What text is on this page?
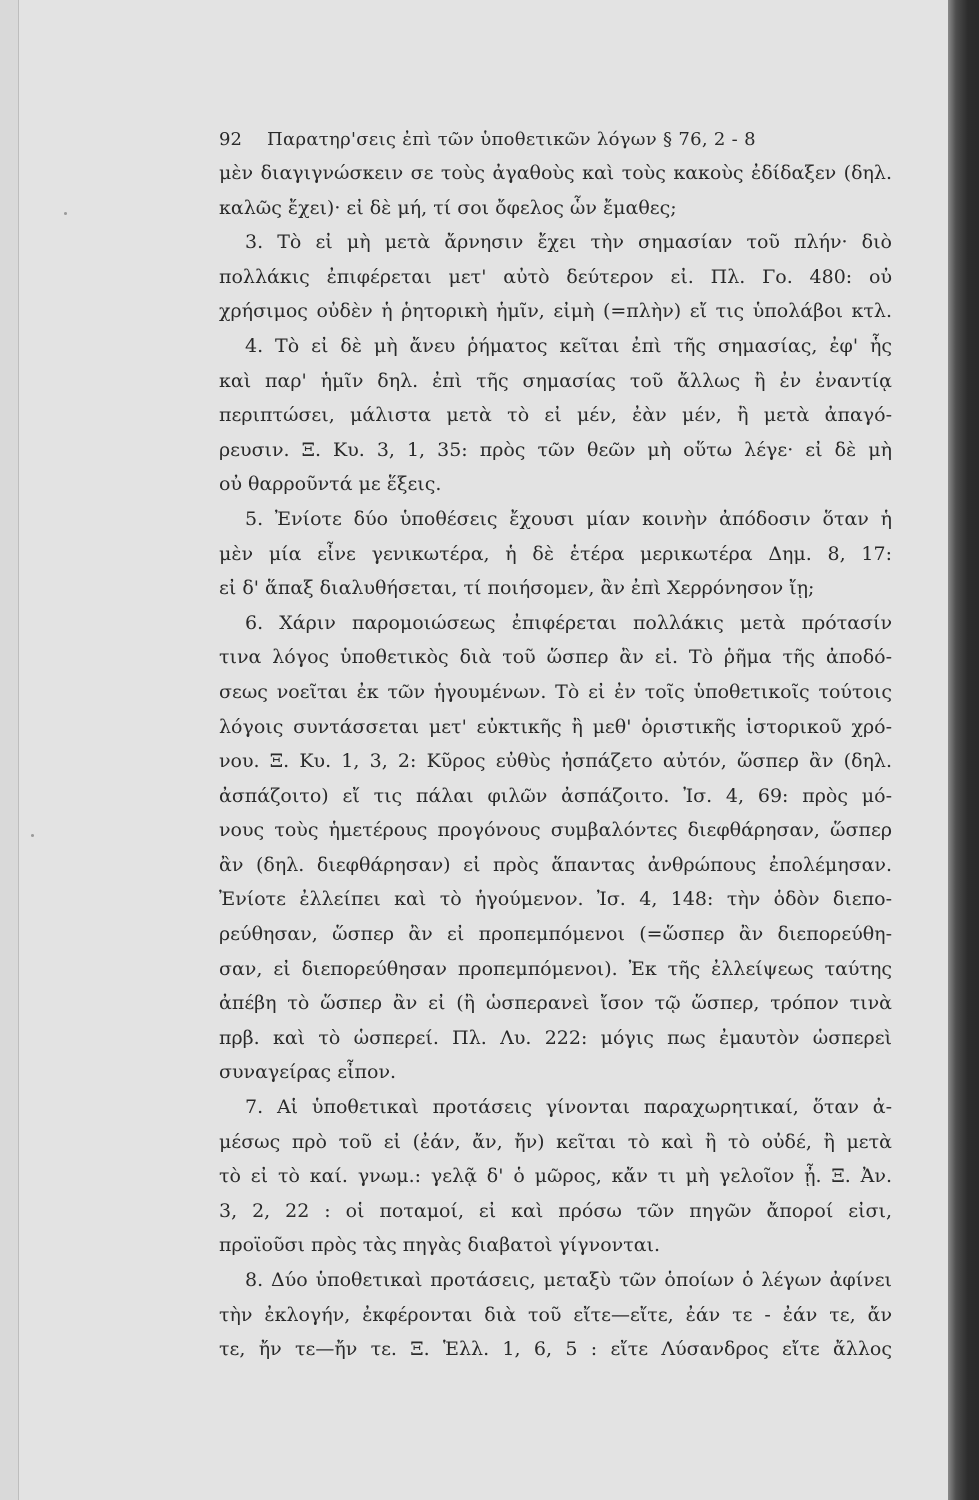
92	Παρατηρ'σεις ἐπὶ τῶν ὑποθετικῶν λόγων § 76, 2 - 8
μὲν διαγιγνώσκειν σε τοὺς ἀγαθοὺς καὶ τοὺς κακοὺς ἐδίδαξεν (δηλ.
καλῶς ἔχει)· εἰ δὲ μή, τί σοι ὄφελος ὧν ἔμαθες;
3. Τὸ εἰ μὴ μετὰ ἄρνησιν ἔχει τὴν σημασίαν τοῦ πλήν· διὸ
πολλάκις ἐπιφέρεται μετ' αὐτὸ δεύτερον εἰ. Πλ. Γο. 480: οὐ
χρήσιμος οὐδὲν ἡ ῥητορικὴ ἡμῖν, εἰμὴ (=πλὴν) εἴ τις ὑπολάβοι κτλ.
4. Τὸ εἰ δὲ μὴ ἄνευ ῥήματος κεῖται ἐπὶ τῆς σημασίας, ἐφ' ἧς
καὶ παρ' ἡμῖν δηλ. ἐπὶ τῆς σημασίας τοῦ ἄλλως ἢ ἐν ἐναντίᾳ
περιπτώσει, μάλιστα μετὰ τὸ εἰ μέν, ἐὰν μέν, ἢ μετὰ ἀπαγό-
ρευσιν. Ξ. Κυ. 3, 1, 35: πρὸς τῶν θεῶν μὴ οὕτω λέγε· εἰ δὲ μὴ
οὐ θαρροῦντά με ἕξεις.
5. Ἐνίοτε δύο ὑποθέσεις ἔχουσι μίαν κοινὴν ἀπόδοσιν ὅταν ἡ
μὲν μία εἶνε γενικωτέρα, ἡ δὲ ἑτέρα μερικωτέρα Δημ. 8, 17:
εἰ δ' ἅπαξ διαλυθήσεται, τί ποιήσομεν, ἂν ἐπὶ Χερρόνησον ἴῃ;
6. Χάριν παρομοιώσεως ἐπιφέρεται πολλάκις μετὰ πρότασίν
τινα λόγος ὑποθετικὸς διὰ τοῦ ὥσπερ ἂν εἰ. Τὸ ῥῆμα τῆς ἀποδό-
σεως νοεῖται ἐκ τῶν ἡγουμένων. Τὸ εἰ ἐν τοῖς ὑποθετικοῖς τούτοις
λόγοις συντάσσεται μετ' εὐκτικῆς ἢ μεθ' ὁριστικῆς ἱστορικοῦ χρό-
νου. Ξ. Κυ. 1, 3, 2: Κῦρος εὐθὺς ἠσπάζετο αὐτόν, ὥσπερ ἂν (δηλ.
ἀσπάζοιτο) εἴ τις πάλαι φιλῶν ἀσπάζοιτο. Ἰσ. 4, 69: πρὸς μό-
νους τοὺς ἡμετέρους προγόνους συμβαλόντες διεφθάρησαν, ὥσπερ
ἂν (δηλ. διεφθάρησαν) εἰ πρὸς ἅπαντας ἀνθρώπους ἐπολέμησαν.
Ἐνίοτε ἐλλείπει καὶ τὸ ἡγούμενον. Ἰσ. 4, 148: τὴν ὁδὸν διεπο-
ρεύθησαν, ὥσπερ ἂν εἰ προπεμπόμενοι (=ὥσπερ ἂν διεπορεύθη-
σαν, εἰ διεπορεύθησαν προπεμπόμενοι). Ἐκ τῆς ἐλλείψεως ταύτης
ἀπέβη τὸ ὥσπερ ἂν εἰ (ἢ ὡσπερανεὶ ἴσον τῷ ὥσπερ, τρόπον τινὰ
πρβ. καὶ τὸ ὡσπερεί. Πλ. Λυ. 222: μόγις πως ἐμαυτὸν ὡσπερεὶ
συναγείρας εἶπον.
7. Αἱ ὑποθετικαὶ προτάσεις γίνονται παραχωρητικαί, ὅταν ἀ-
μέσως πρὸ τοῦ εἰ (ἐάν, ἄν, ἤν) κεῖται τὸ καὶ ἢ τὸ οὐδέ, ἢ μετὰ
τὸ εἰ τὸ καί. γνωμ.: γελᾷ δ' ὁ μῶρος, κἄν τι μὴ γελοῖον ᾖ. Ξ. Ἀν.
3, 2, 22 : οἱ ποταμοί, εἰ καὶ πρόσω τῶν πηγῶν ἄποροί εἰσι,
προϊοῦσι πρὸς τὰς πηγὰς διαβατοὶ γίγνονται.
8. Δύο ὑποθετικαὶ προτάσεις, μεταξὺ τῶν ὁποίων ὁ λέγων ἀφίνει
τὴν ἐκλογήν, ἐκφέρονται διὰ τοῦ εἴτε—εἴτε, ἐάν τε - ἐάν τε, ἄν
τε, ἤν τε—ἤν τε. Ξ. Ἑλλ. 1, 6, 5 : εἴτε Λύσανδρος εἴτε ἄλλος
